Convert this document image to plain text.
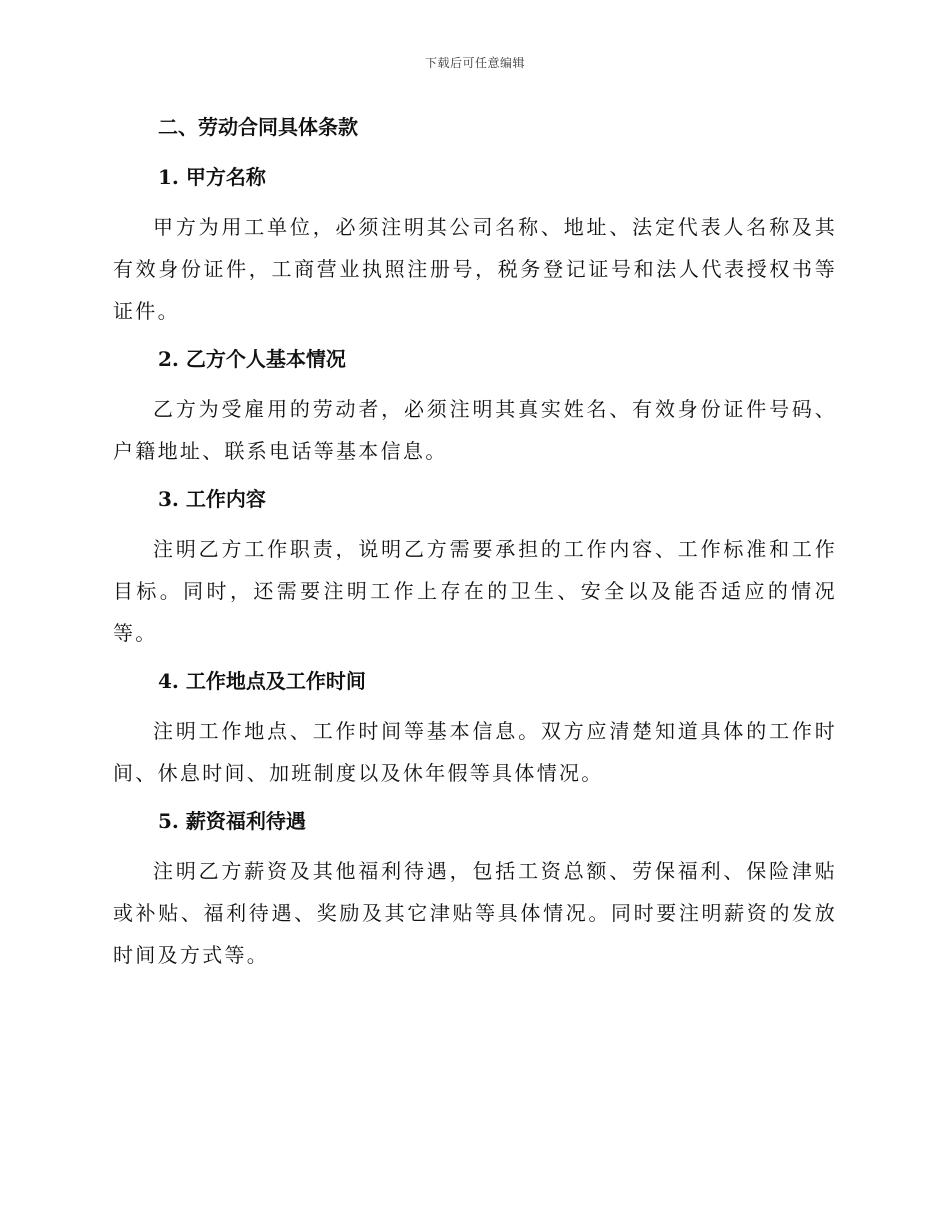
下载后可任意编辑
二、劳动合同具体条款
1. 甲方名称
甲方为用工单位，必须注明其公司名称、地址、法定代表人名称及其有效身份证件，工商营业执照注册号，税务登记证号和法人代表授权书等证件。
2. 乙方个人基本情况
乙方为受雇用的劳动者，必须注明其真实姓名、有效身份证件号码、户籍地址、联系电话等基本信息。
3. 工作内容
注明乙方工作职责，说明乙方需要承担的工作内容、工作标准和工作目标。同时，还需要注明工作上存在的卫生、安全以及能否适应的情况等。
4. 工作地点及工作时间
注明工作地点、工作时间等基本信息。双方应清楚知道具体的工作时间、休息时间、加班制度以及休年假等具体情况。
5. 薪资福利待遇
注明乙方薪资及其他福利待遇，包括工资总额、劳保福利、保险津贴或补贴、福利待遇、奖励及其它津贴等具体情况。同时要注明薪资的发放时间及方式等。
